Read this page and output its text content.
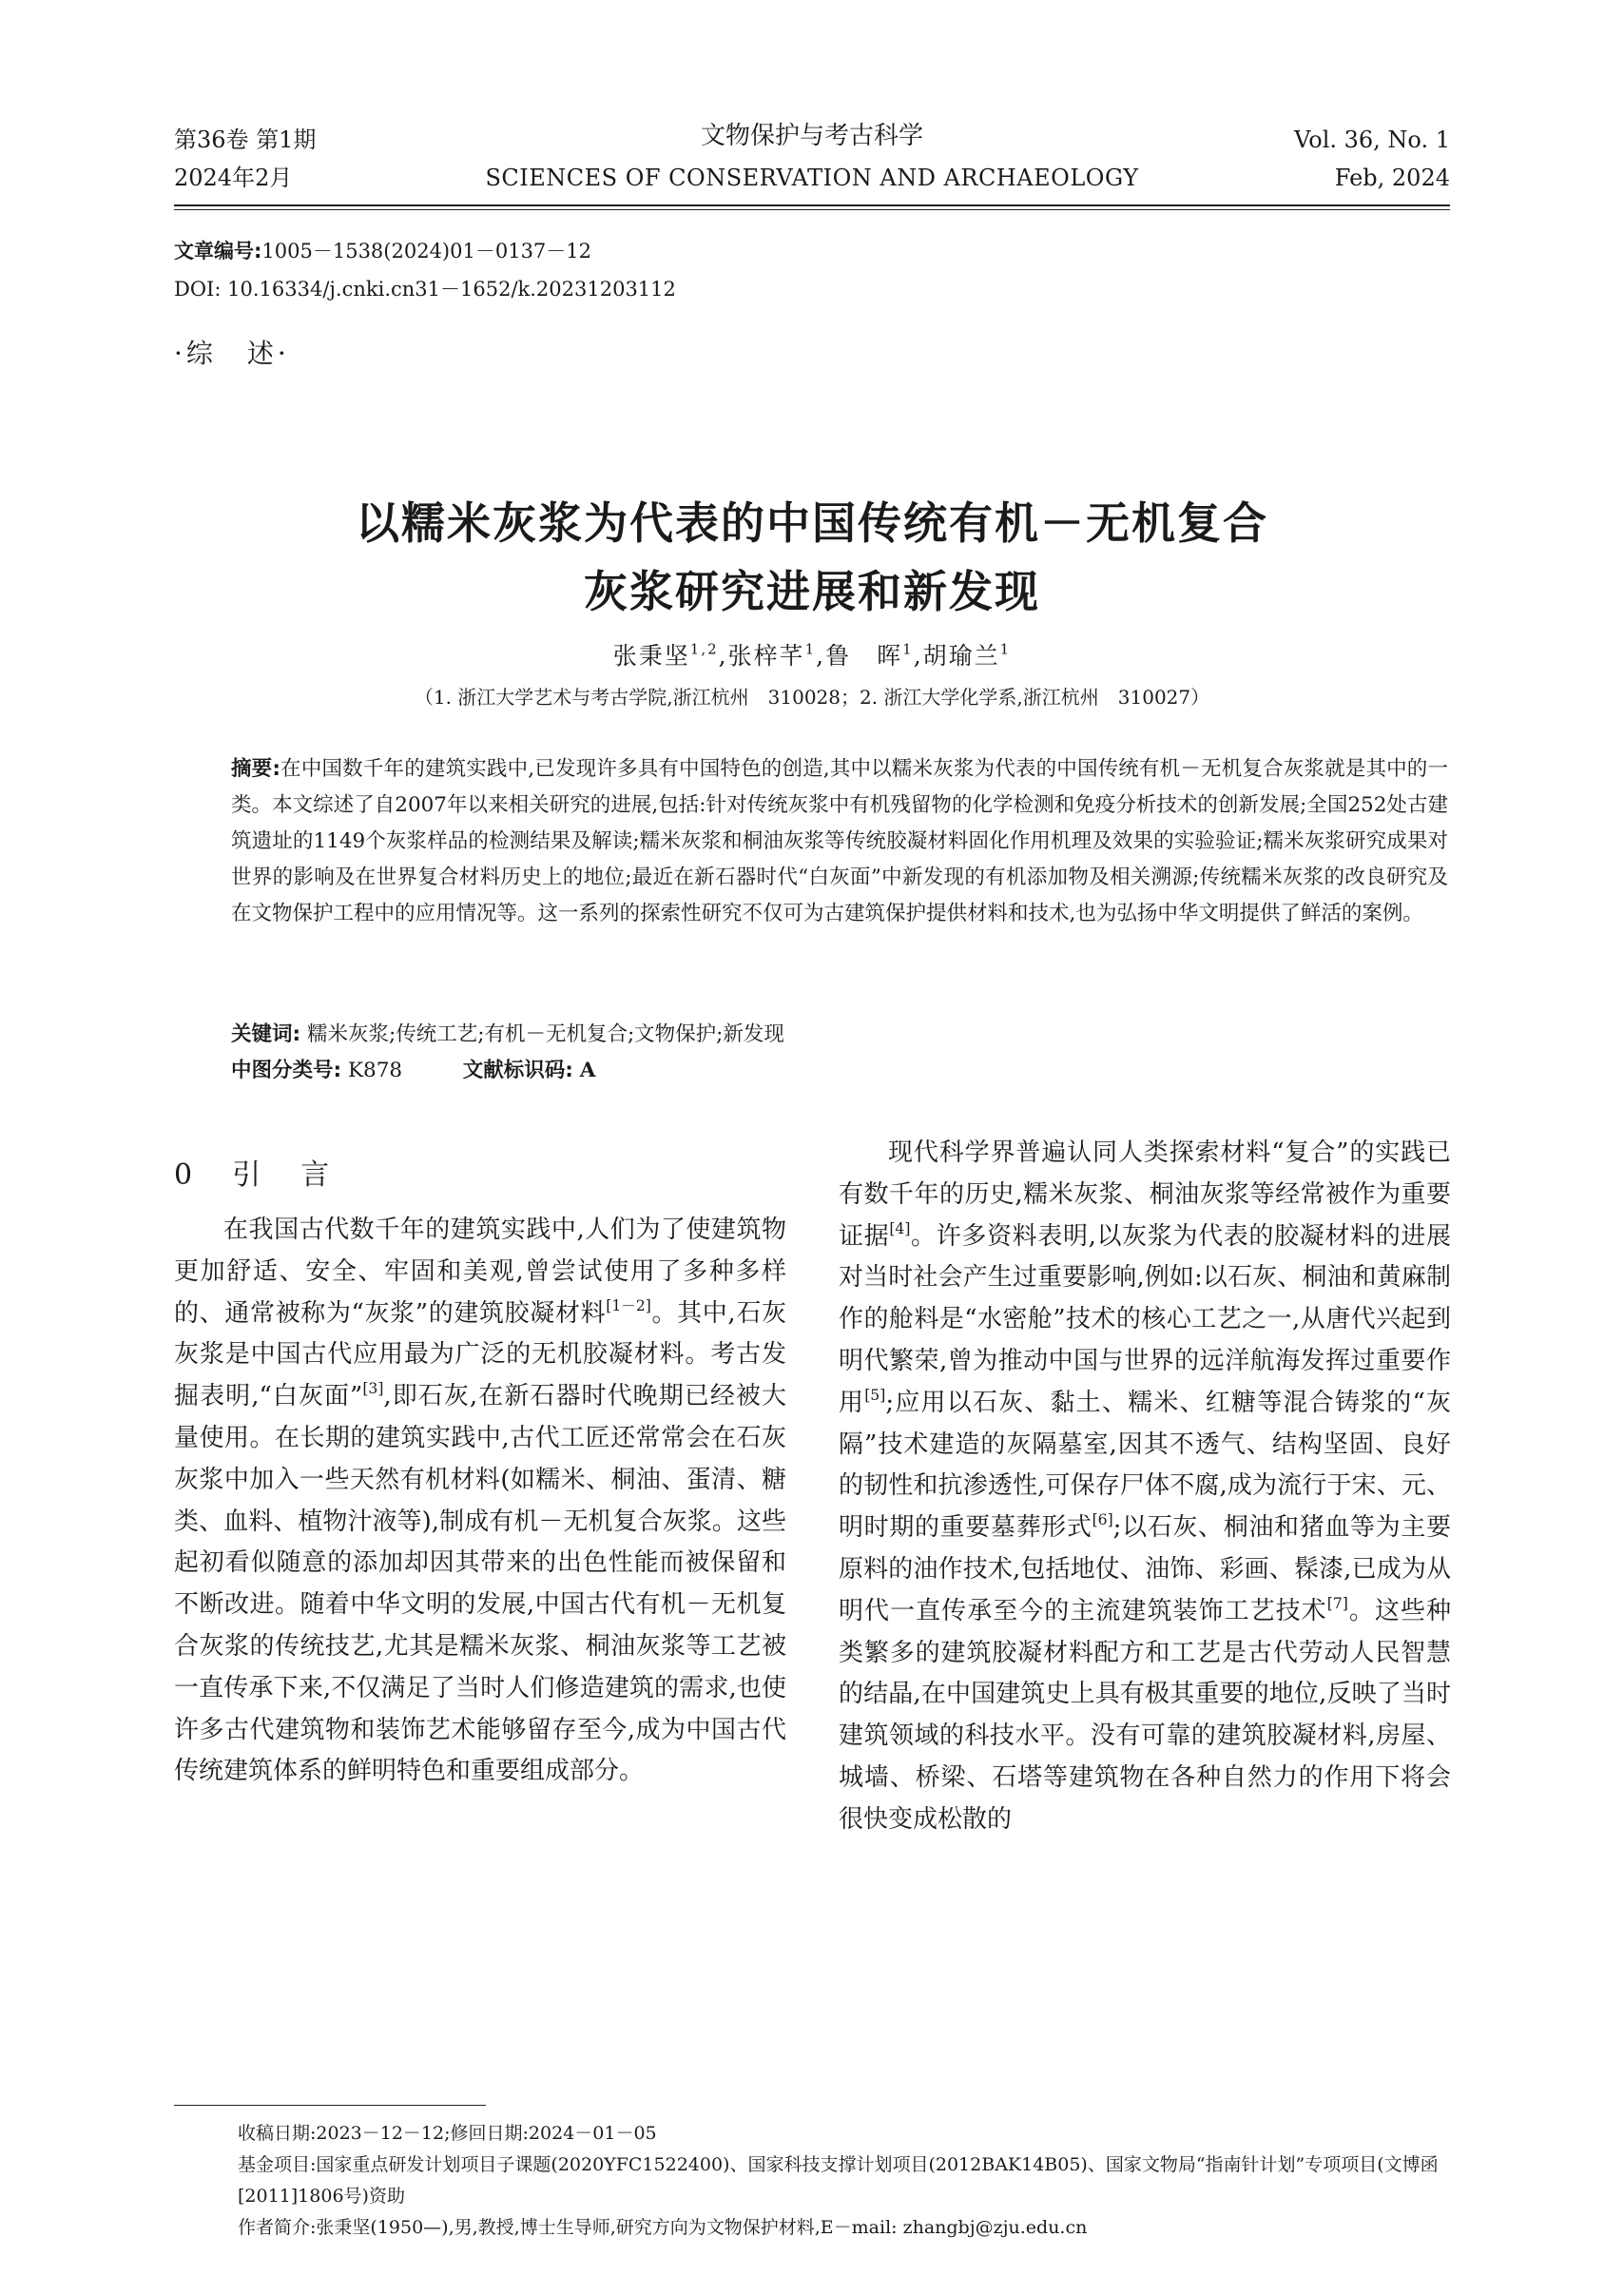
第36卷 第1期
2024年2月
文物保护与考古科学
SCIENCES OF CONSERVATION AND ARCHAEOLOGY
Vol. 36, No. 1
Feb, 2024
文章编号:1005－1538(2024)01－0137－12
DOI: 10.16334/j.cnki.cn31－1652/k.20231203112
·综　述·
以糯米灰浆为代表的中国传统有机－无机复合
灰浆研究进展和新发现
张秉坚$^{1,2}$,张梓芊$^1$,鲁　晖$^1$,胡瑜兰$^1$
（1. 浙江大学艺术与考古学院,浙江杭州　310028；2. 浙江大学化学系,浙江杭州　310027）
摘要:在中国数千年的建筑实践中,已发现许多具有中国特色的创造,其中以糯米灰浆为代表的中国传统有机－无机复合灰浆就是其中的一类。本文综述了自2007年以来相关研究的进展,包括:针对传统灰浆中有机残留物的化学检测和免疫分析技术的创新发展;全国252处古建筑遗址的1149个灰浆样品的检测结果及解读;糯米灰浆和桐油灰浆等传统胶凝材料固化作用机理及效果的实验验证;糯米灰浆研究成果对世界的影响及在世界复合材料历史上的地位;最近在新石器时代“白灰面”中新发现的有机添加物及相关溯源;传统糯米灰浆的改良研究及在文物保护工程中的应用情况等。这一系列的探索性研究不仅可为古建筑保护提供材料和技术,也为弘扬中华文明提供了鲜活的案例。
关键词: 糯米灰浆;传统工艺;有机－无机复合;文物保护;新发现
中图分类号: K878	文献标识码: A
0　引　言

在我国古代数千年的建筑实践中,人们为了使建筑物更加舒适、安全、牢固和美观,曾尝试使用了多种多样的、通常被称为“灰浆”的建筑胶凝材料[1－2]。其中,石灰灰浆是中国古代应用最为广泛的无机胶凝材料。考古发掘表明,“白灰面”[3],即石灰,在新石器时代晚期已经被大量使用。在长期的建筑实践中,古代工匠还常常会在石灰灰浆中加入一些天然有机材料(如糯米、桐油、蛋清、糖类、血料、植物汁液等),制成有机－无机复合灰浆。这些起初看似随意的添加却因其带来的出色性能而被保留和不断改进。随着中华文明的发展,中国古代有机－无机复合灰浆的传统技艺,尤其是糯米灰浆、桐油灰浆等工艺被一直传承下来,不仅满足了当时人们修造建筑的需求,也使许多古代建筑物和装饰艺术能够留存至今,成为中国古代传统建筑体系的鲜明特色和重要组成部分。

现代科学界普遍认同人类探索材料“复合”的实践已有数千年的历史,糯米灰浆、桐油灰浆等经常被作为重要证据[4]。许多资料表明,以灰浆为代表的胶凝材料的进展对当时社会产生过重要影响,例如:以石灰、桐油和黄麻制作的舱料是“水密舱”技术的核心工艺之一,从唐代兴起到明代繁荣,曾为推动中国与世界的远洋航海发挥过重要作用[5];应用以石灰、黏土、糯米、红糖等混合铸浆的“灰隔”技术建造的灰隔墓室,因其不透气、结构坚固、良好的韧性和抗渗透性,可保存尸体不腐,成为流行于宋、元、明时期的重要墓葬形式[6];以石灰、桐油和猪血等为主要原料的油作技术,包括地仗、油饰、彩画、髹漆,已成为从明代一直传承至今的主流建筑装饰工艺技术[7]。这些种类繁多的建筑胶凝材料配方和工艺是古代劳动人民智慧的结晶,在中国建筑史上具有极其重要的地位,反映了当时建筑领域的科技水平。没有可靠的建筑胶凝材料,房屋、城墙、桥梁、石塔等建筑物在各种自然力的作用下将会很快变成松散的

收稿日期:2023－12－12;修回日期:2024－01－05
基金项目:国家重点研发计划项目子课题(2020YFC1522400)、国家科技支撑计划项目(2012BAK14B05)、国家文物局“指南针计划”专项项目(文博函[2011]1806号)资助
作者简介:张秉坚(1950—),男,教授,博士生导师,研究方向为文物保护材料,E－mail: zhangbj@zju.edu.cn
